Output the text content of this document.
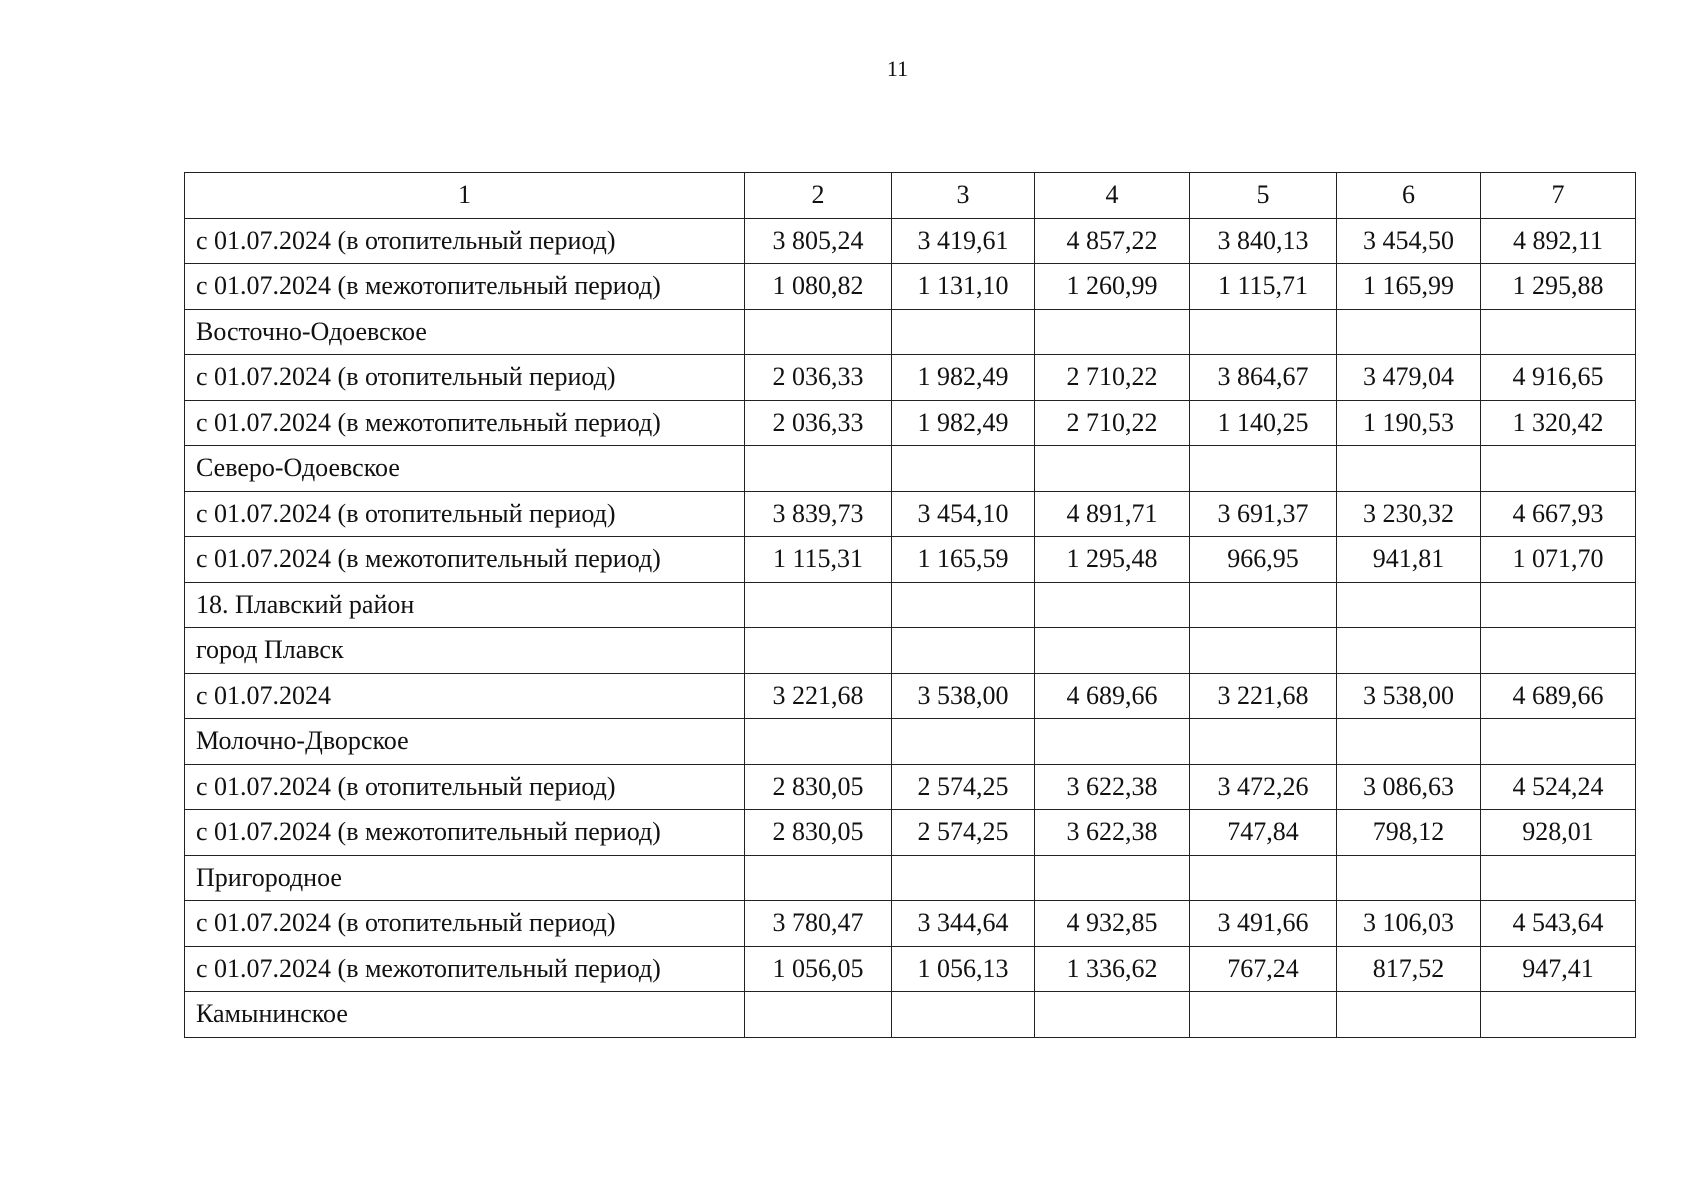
11
1	2	3	4	5	6	7
с 01.07.2024 (в отопительный период)	3 805,24	3 419,61	4 857,22	3 840,13	3 454,50	4 892,11
с 01.07.2024 (в межотопительный период)	1 080,82	1 131,10	1 260,99	1 115,71	1 165,99	1 295,88
Восточно-Одоевское						
с 01.07.2024 (в отопительный период)	2 036,33	1 982,49	2 710,22	3 864,67	3 479,04	4 916,65
с 01.07.2024 (в межотопительный период)	2 036,33	1 982,49	2 710,22	1 140,25	1 190,53	1 320,42
Северо-Одоевское						
с 01.07.2024 (в отопительный период)	3 839,73	3 454,10	4 891,71	3 691,37	3 230,32	4 667,93
с 01.07.2024 (в межотопительный период)	1 115,31	1 165,59	1 295,48	966,95	941,81	1 071,70
18. Плавский район						
город Плавск						
с 01.07.2024	3 221,68	3 538,00	4 689,66	3 221,68	3 538,00	4 689,66
Молочно-Дворское						
с 01.07.2024 (в отопительный период)	2 830,05	2 574,25	3 622,38	3 472,26	3 086,63	4 524,24
с 01.07.2024 (в межотопительный период)	2 830,05	2 574,25	3 622,38	747,84	798,12	928,01
Пригородное						
с 01.07.2024 (в отопительный период)	3 780,47	3 344,64	4 932,85	3 491,66	3 106,03	4 543,64
с 01.07.2024 (в межотопительный период)	1 056,05	1 056,13	1 336,62	767,24	817,52	947,41
Камынинское						
